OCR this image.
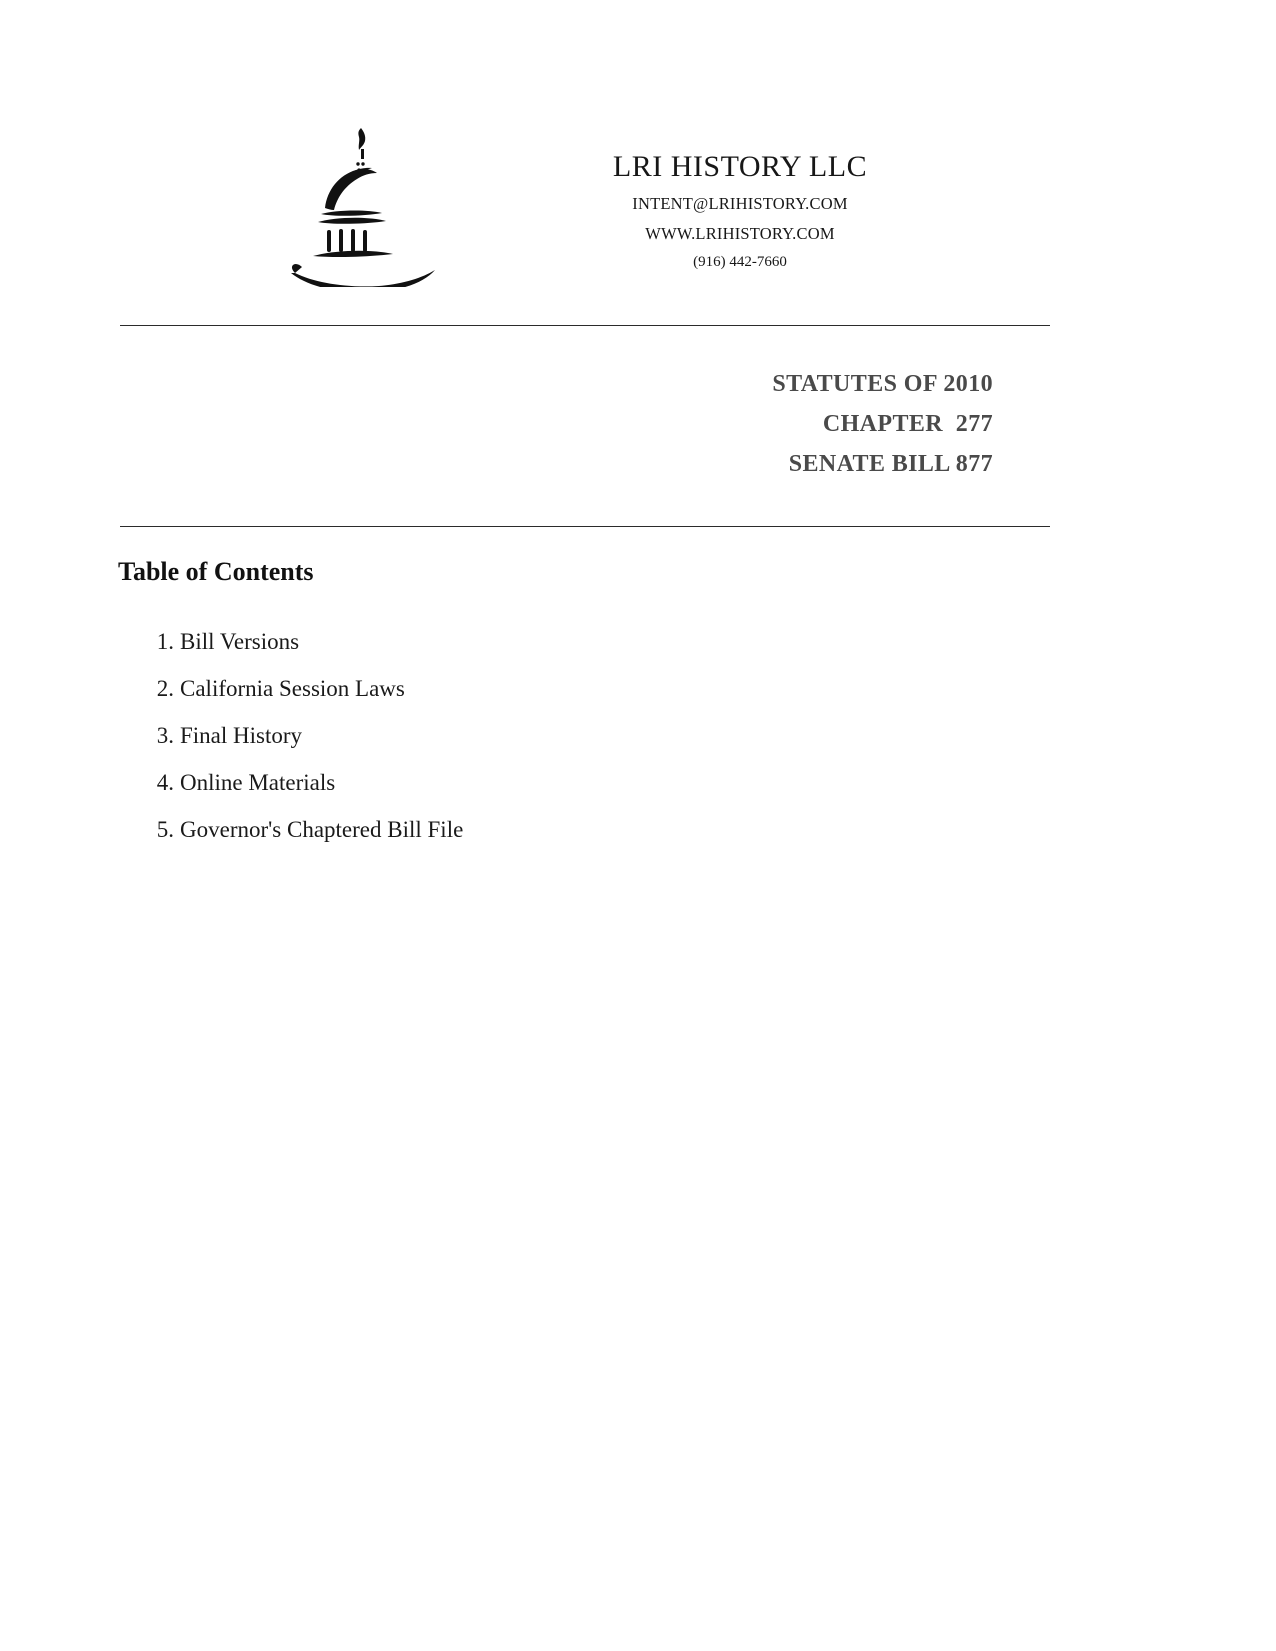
LRI HISTORY LLC
INTENT@LRIHISTORY.COM
WWW.LRIHISTORY.COM
(916) 442-7660
STATUTES OF 2010
CHAPTER  277
SENATE BILL 877
Table of Contents
1. Bill Versions
2. California Session Laws
3. Final History
4. Online Materials
5. Governor's Chaptered Bill File
